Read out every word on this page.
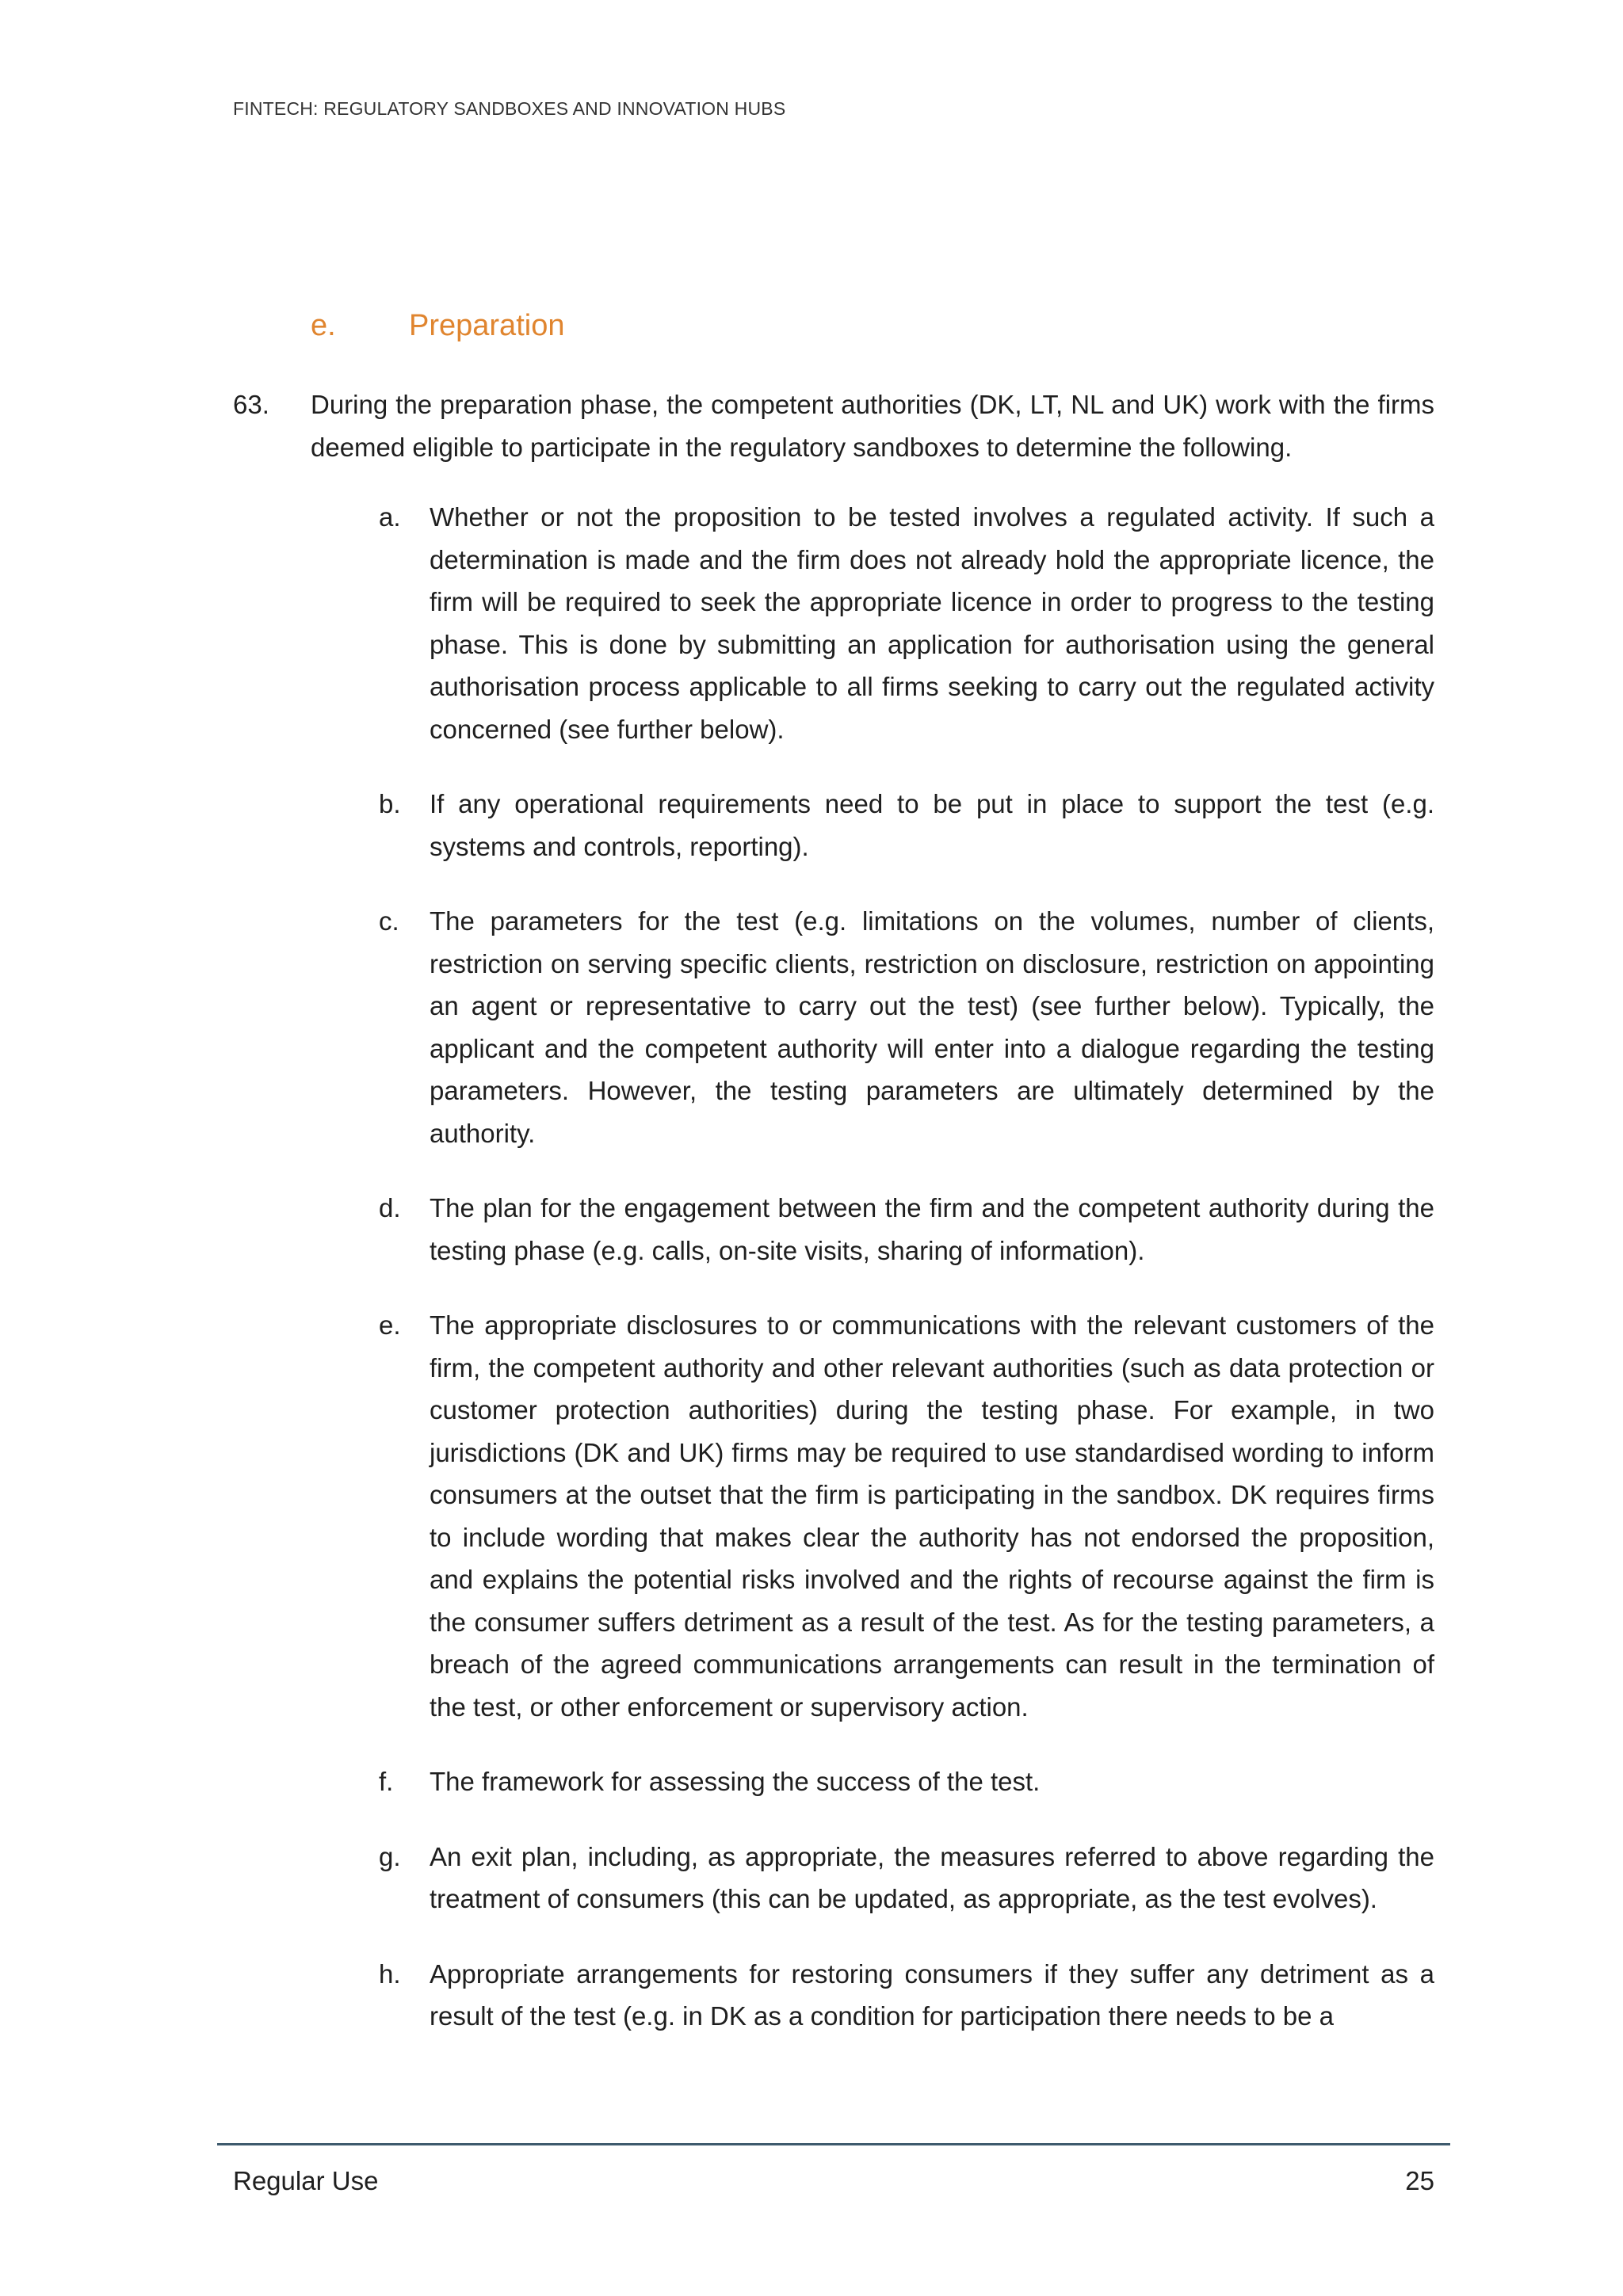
FINTECH: REGULATORY SANDBOXES AND INNOVATION HUBS
e. Preparation
63. During the preparation phase, the competent authorities (DK, LT, NL and UK) work with the firms deemed eligible to participate in the regulatory sandboxes to determine the following.
a. Whether or not the proposition to be tested involves a regulated activity. If such a determination is made and the firm does not already hold the appropriate licence, the firm will be required to seek the appropriate licence in order to progress to the testing phase. This is done by submitting an application for authorisation using the general authorisation process applicable to all firms seeking to carry out the regulated activity concerned (see further below).
b. If any operational requirements need to be put in place to support the test (e.g. systems and controls, reporting).
c. The parameters for the test (e.g. limitations on the volumes, number of clients, restriction on serving specific clients, restriction on disclosure, restriction on appointing an agent or representative to carry out the test) (see further below). Typically, the applicant and the competent authority will enter into a dialogue regarding the testing parameters. However, the testing parameters are ultimately determined by the authority.
d. The plan for the engagement between the firm and the competent authority during the testing phase (e.g. calls, on-site visits, sharing of information).
e. The appropriate disclosures to or communications with the relevant customers of the firm, the competent authority and other relevant authorities (such as data protection or customer protection authorities) during the testing phase. For example, in two jurisdictions (DK and UK) firms may be required to use standardised wording to inform consumers at the outset that the firm is participating in the sandbox. DK requires firms to include wording that makes clear the authority has not endorsed the proposition, and explains the potential risks involved and the rights of recourse against the firm is the consumer suffers detriment as a result of the test. As for the testing parameters, a breach of the agreed communications arrangements can result in the termination of the test, or other enforcement or supervisory action.
f. The framework for assessing the success of the test.
g. An exit plan, including, as appropriate, the measures referred to above regarding the treatment of consumers (this can be updated, as appropriate, as the test evolves).
h. Appropriate arrangements for restoring consumers if they suffer any detriment as a result of the test (e.g. in DK as a condition for participation there needs to be a
Regular Use	25
